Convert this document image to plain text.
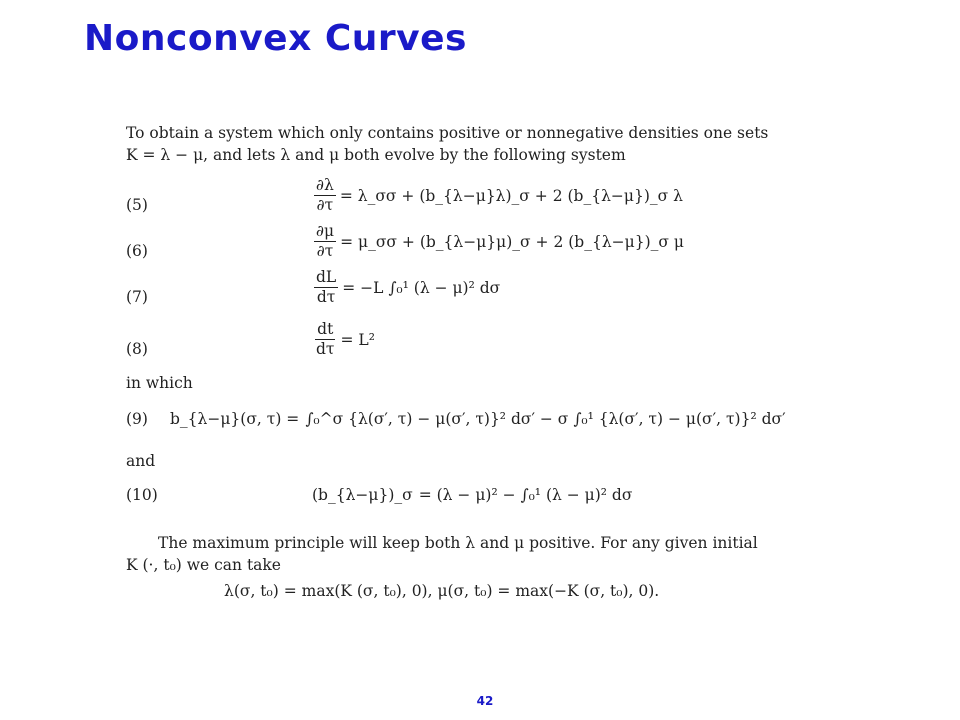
Nonconvex Curves
To obtain a system which only contains positive or nonnegative densities one sets
K = λ − μ, and lets λ and μ both evolve by the following system
(5)	$\frac{\partial\lambda}{\partial\tau}$ = λ_σσ + (b_{λ−μ}λ)_σ + 2 (b_{λ−μ})_σ λ
(6)	$\frac{\partial\mu}{\partial\tau}$ = μ_σσ + (b_{λ−μ}μ)_σ + 2 (b_{λ−μ})_σ μ
(7)	$\frac{dL}{d\tau} = -L$ ∫₀¹ (λ − μ)² dσ
(8)	$\frac{dt}{d\tau} = L^2$
in which
(9) b_{λ−μ}(σ, τ) = ∫₀^σ {λ(σ′, τ) − μ(σ′, τ)}² dσ′ − σ ∫₀¹ {λ(σ′, τ) − μ(σ′, τ)}² dσ′
and
(10)	(b_{λ−μ})_σ = (λ − μ)² − ∫₀¹ (λ − μ)² dσ
The maximum principle will keep both λ and μ positive. For any given initial
K (·, t₀) we can take
λ(σ, t₀) = max(K (σ, t₀), 0), μ(σ, t₀) = max(−K (σ, t₀), 0).
42
